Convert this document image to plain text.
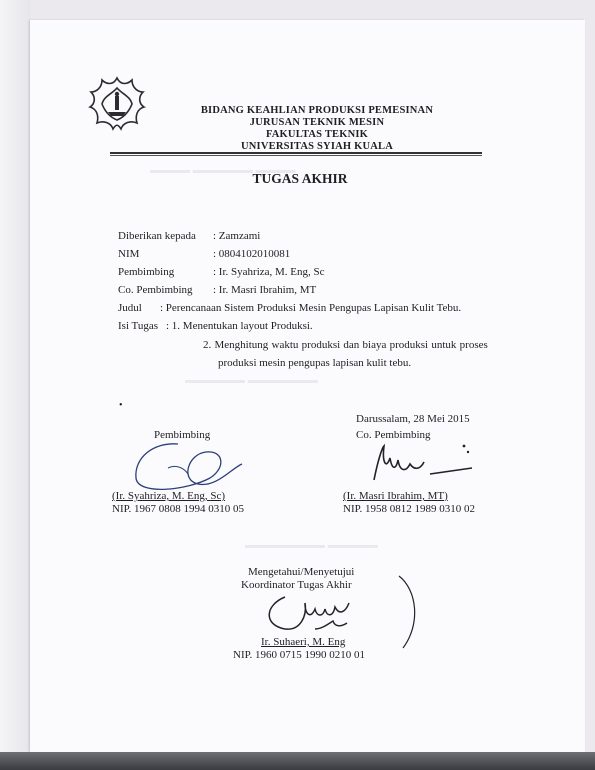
▬▬▬▬ ▬▬▬▬▬▬ ▬▬▬▬
▬▬▬▬▬▬ ▬▬▬▬▬▬▬
▬▬▬▬▬▬▬▬ ▬▬▬▬▬
BIDANG KEAHLIAN PRODUKSI PEMESINAN
JURUSAN TEKNIK MESIN
FAKULTAS TEKNIK
UNIVERSITAS SYIAH KUALA
TUGAS AKHIR
Diberikan kepada : Zamzami
NIM	: 0804102010081
Pembimbing	: Ir. Syahriza, M. Eng, Sc
Co. Pembimbing : Ir. Masri Ibrahim, MT
Judul : Perencanaan Sistem Produksi Mesin Pengupas Lapisan Kulit Tebu.
Isi Tugas : 1. Menentukan layout Produksi.
2. Menghitung waktu produksi dan biaya produksi untuk proses
produksi mesin pengupas lapisan kulit tebu.
•
Darussalam, 28 Mei 2015
Pembimbing
(Ir. Syahriza, M. Eng, Sc)
NIP. 1967 0808 1994 0310 05
Co. Pembimbing
(Ir. Masri Ibrahim, MT)
NIP. 1958 0812 1989 0310 02
Mengetahui/Menyetujui
Koordinator Tugas Akhir
Ir. Suhaeri, M. Eng
NIP. 1960 0715 1990 0210 01
